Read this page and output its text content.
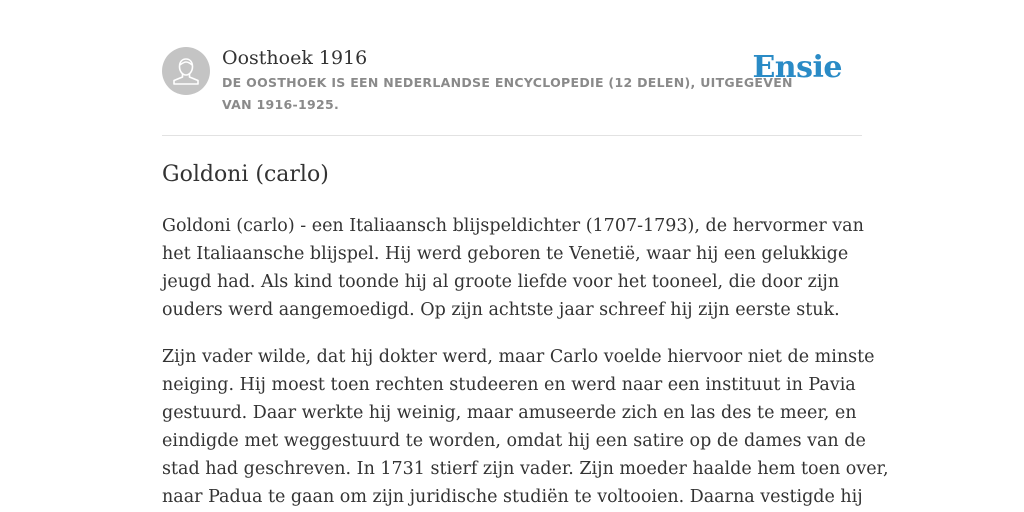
Oosthoek 1916
DE OOSTHOEK IS EEN NEDERLANDSE ENCYCLOPEDIE (12 DELEN), UITGEGEVEN
VAN 1916-1925.
Ensie
Goldoni (carlo)

Goldoni (carlo) - een Italiaansch blijspeldichter (1707-1793), de hervormer van
het Italiaansche blijspel. Hij werd geboren te Venetië, waar hij een gelukkige
jeugd had. Als kind toonde hij al groote liefde voor het tooneel, die door zijn
ouders werd aangemoedigd. Op zijn achtste jaar schreef hij zijn eerste stuk.

Zijn vader wilde, dat hij dokter werd, maar Carlo voelde hiervoor niet de minste
neiging. Hij moest toen rechten studeeren en werd naar een instituut in Pavia
gestuurd. Daar werkte hij weinig, maar amuseerde zich en las des te meer, en
eindigde met weggestuurd te worden, omdat hij een satire op de dames van de
stad had geschreven. In 1731 stierf zijn vader. Zijn moeder haalde hem toen over,
naar Padua te gaan om zijn juridische studiën te voltooien. Daarna vestigde hij
